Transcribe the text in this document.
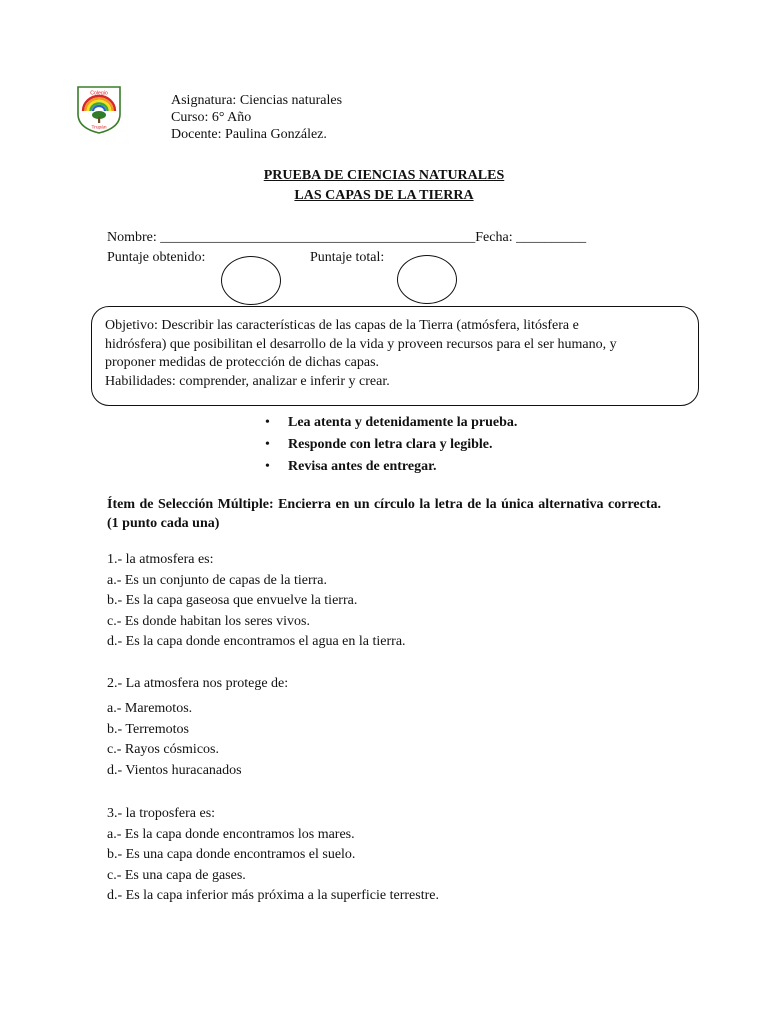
Colegio
Trupán
Asignatura: Ciencias naturales
Curso: 6° Año
Docente: Paulina González.
PRUEBA DE CIENCIAS NATURALES
LAS CAPAS DE LA TIERRA
Nombre: _____________________________________________Fecha: __________
Puntaje obtenido:	Puntaje total:
Objetivo: Describir las características de las capas de la Tierra (atmósfera, litósfera e
hidrósfera) que posibilitan el desarrollo de la vida y proveen recursos para el ser humano, y
proponer medidas de protección de dichas capas.
Habilidades: comprender, analizar e inferir y crear.
• Lea atenta y detenidamente la prueba.
• Responde con letra clara y legible.
• Revisa antes de entregar.
Ítem de Selección Múltiple: Encierra en un círculo la letra de la única alternativa correcta. (1 punto cada una)
1.- la atmosfera es:
a.- Es un conjunto de capas de la tierra.
b.- Es la capa gaseosa que envuelve la tierra.
c.- Es donde habitan los seres vivos.
d.- Es la capa donde encontramos el agua en la tierra.
2.- La atmosfera nos protege de:
a.- Maremotos.
b.- Terremotos
c.- Rayos cósmicos.
d.- Vientos huracanados
3.- la troposfera es:
a.- Es la capa donde encontramos los mares.
b.- Es una capa donde encontramos el suelo.
c.- Es una capa de gases.
d.- Es la capa inferior más próxima a la superficie terrestre.
